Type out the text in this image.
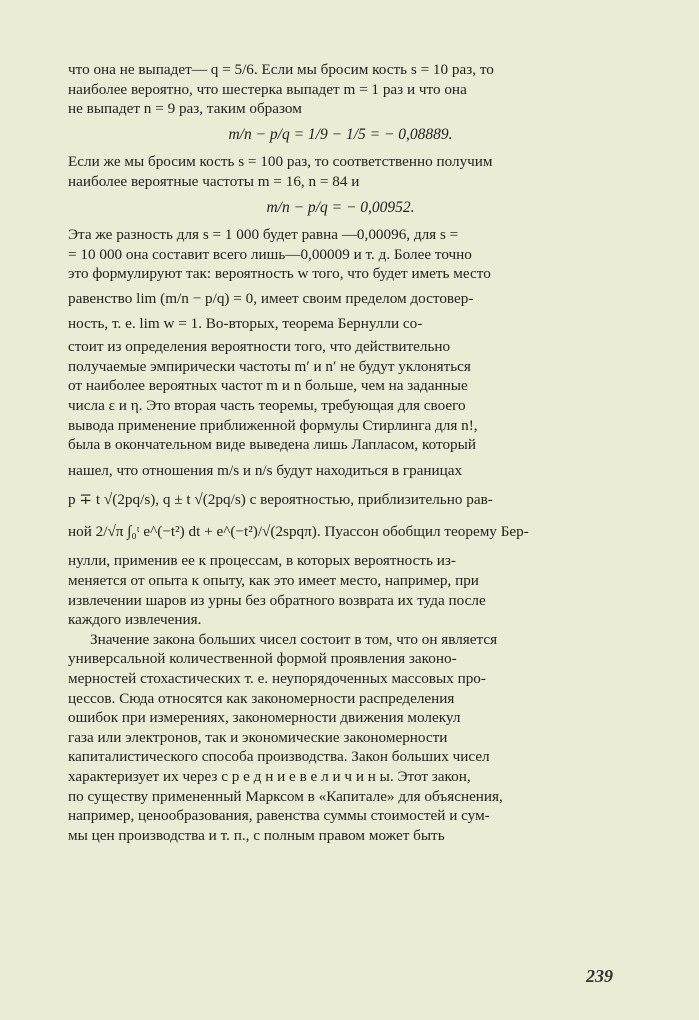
что она не выпадет— q = 5/6. Если мы бросим кость s = 10 раз, то

наиболее вероятно, что шестерка выпадет m = 1 раз и что она

не выпадет n = 9 раз, таким образом

m/n − p/q = 1/9 − 1/5 = − 0,08889.

Если же мы бросим кость s = 100 раз, то соответственно получим

наиболее вероятные частоты m = 16, n = 84 и

m/n − p/q = − 0,00952.

Эта же разность для s = 1 000 будет равна —0,00096, для s =

= 10 000 она составит всего лишь—0,00009 и т. д. Более точно

это формулируют так: вероятность w того, что будет иметь место

равенство lim (m/n − p/q) = 0, имеет своим пределом достовер-

ность, т. е. lim w = 1. Во-вторых, теорема Бернулли со-

стоит из определения вероятности того, что действительно

получаемые эмпирически частоты m′ и n′ не будут уклоняться

от наиболее вероятных частот m и n больше, чем на заданные

числа ε и η. Это вторая часть теоремы, требующая для своего

вывода применение приближенной формулы Стирлинга для n!,

была в окончательном виде выведена лишь Лапласом, который

нашел, что отношения m/s и n/s будут находиться в границах

p ∓ t √(2pq/s), q ± t √(2pq/s) с вероятностью, приблизительно рав-

ной 2/√π ∫₀ᵗ e^(−t²) dt + e^(−t²)/√(2spqπ). Пуассон обобщил теорему Бер-

нулли, применив ее к процессам, в которых вероятность из-

меняется от опыта к опыту, как это имеет место, например, при

извлечении шаров из урны без обратного возврата их туда после

каждого извлечения.

Значение закона больших чисел состоит в том, что он является

универсальной количественной формой проявления законо-

мерностей стохастических т. е. неупорядоченных массовых про-

цессов. Сюда относятся как закономерности распределения

ошибок при измерениях, закономерности движения молекул

газа или электронов, так и экономические закономерности

капиталистического способа производства. Закон больших чисел

характеризует их через с р е д н и е в е л и ч и н ы. Этот закон,

по существу примененный Марксом в «Капитале» для объяснения,

например, ценообразования, равенства суммы стоимостей и сум-

мы цен производства и т. п., с полным правом может быть

239
